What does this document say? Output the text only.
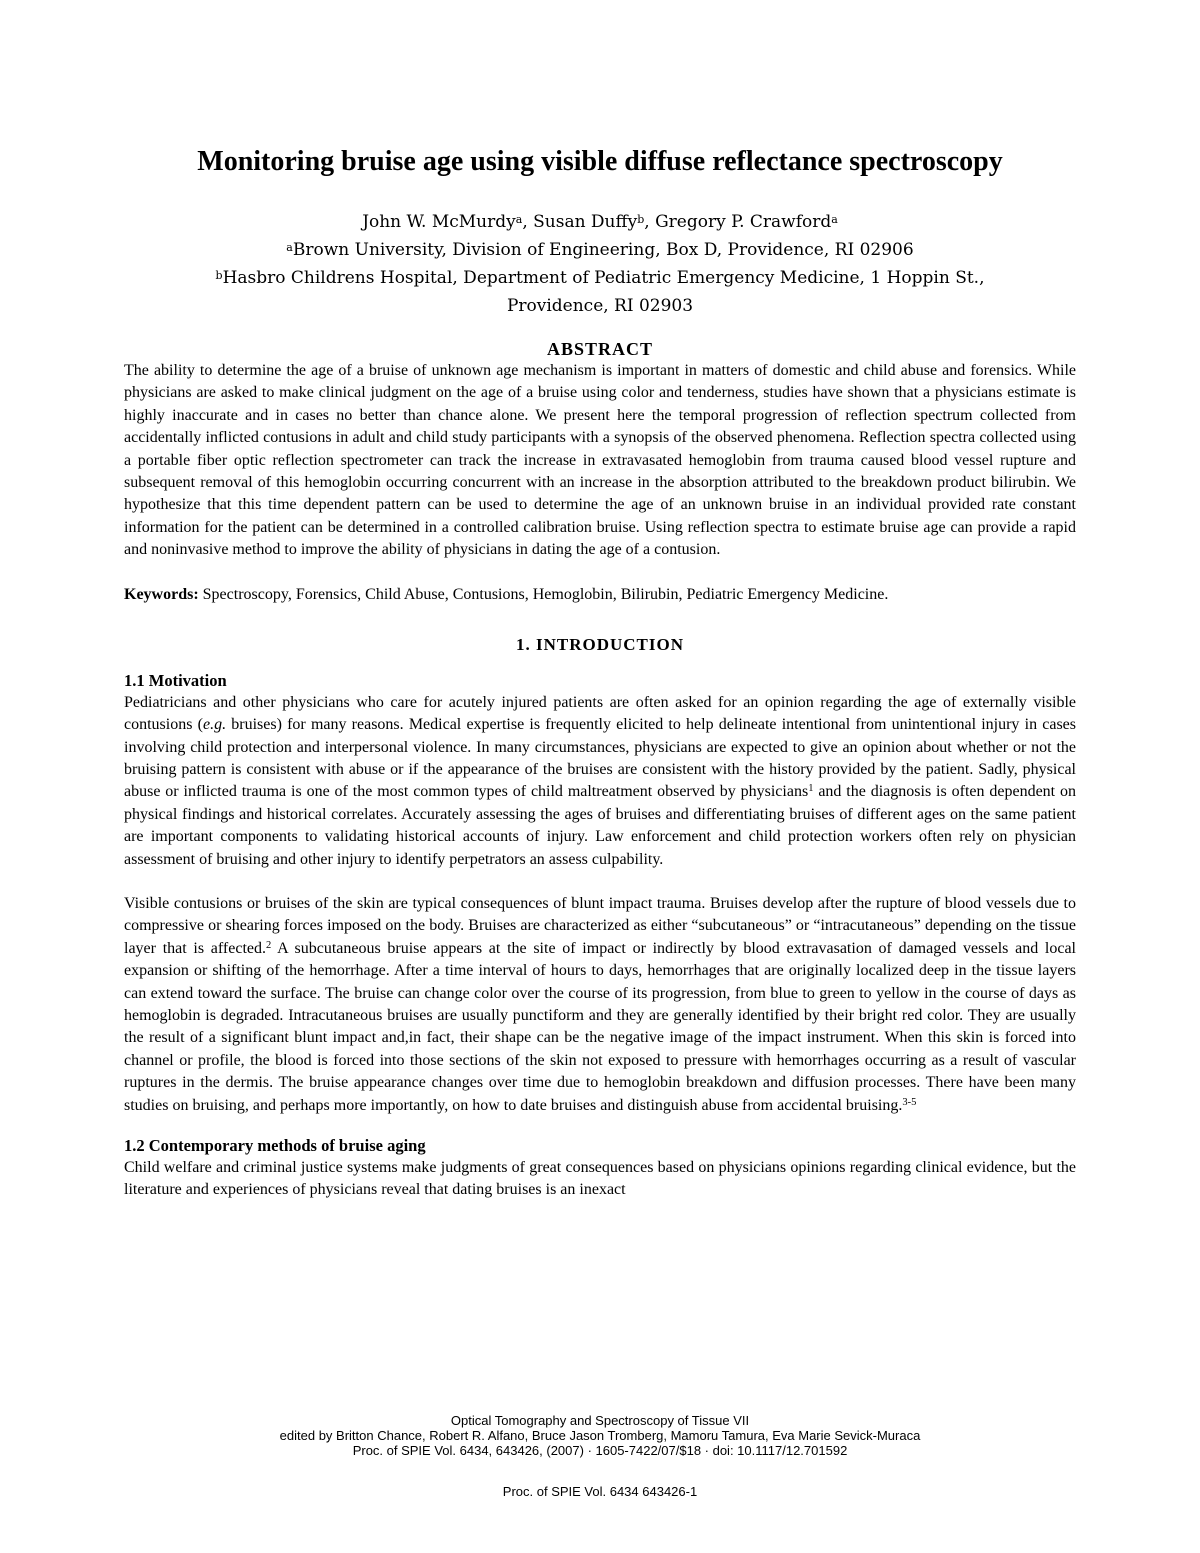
Monitoring bruise age using visible diffuse reflectance spectroscopy
John W. McMurdy$^a$, Susan Duffy$^b$, Gregory P. Crawford$^a$
$^a$Brown University, Division of Engineering, Box D, Providence, RI 02906
$^b$Hasbro Childrens Hospital, Department of Pediatric Emergency Medicine, 1 Hoppin St.,
Providence, RI 02903
ABSTRACT

The ability to determine the age of a bruise of unknown age mechanism is important in matters of domestic and child abuse and forensics. While physicians are asked to make clinical judgment on the age of a bruise using color and tenderness, studies have shown that a physicians estimate is highly inaccurate and in cases no better than chance alone. We present here the temporal progression of reflection spectrum collected from accidentally inflicted contusions in adult and child study participants with a synopsis of the observed phenomena. Reflection spectra collected using a portable fiber optic reflection spectrometer can track the increase in extravasated hemoglobin from trauma caused blood vessel rupture and subsequent removal of this hemoglobin occurring concurrent with an increase in the absorption attributed to the breakdown product bilirubin. We hypothesize that this time dependent pattern can be used to determine the age of an unknown bruise in an individual provided rate constant information for the patient can be determined in a controlled calibration bruise. Using reflection spectra to estimate bruise age can provide a rapid and noninvasive method to improve the ability of physicians in dating the age of a contusion.

Keywords: Spectroscopy, Forensics, Child Abuse, Contusions, Hemoglobin, Bilirubin, Pediatric Emergency Medicine.
1. INTRODUCTION
1.1 Motivation

Pediatricians and other physicians who care for acutely injured patients are often asked for an opinion regarding the age of externally visible contusions (e.g. bruises) for many reasons. Medical expertise is frequently elicited to help delineate intentional from unintentional injury in cases involving child protection and interpersonal violence. In many circumstances, physicians are expected to give an opinion about whether or not the bruising pattern is consistent with abuse or if the appearance of the bruises are consistent with the history provided by the patient. Sadly, physical abuse or inflicted trauma is one of the most common types of child maltreatment observed by physicians$^1$ and the diagnosis is often dependent on physical findings and historical correlates. Accurately assessing the ages of bruises and differentiating bruises of different ages on the same patient are important components to validating historical accounts of injury. Law enforcement and child protection workers often rely on physician assessment of bruising and other injury to identify perpetrators an assess culpability.

Visible contusions or bruises of the skin are typical consequences of blunt impact trauma. Bruises develop after the rupture of blood vessels due to compressive or shearing forces imposed on the body. Bruises are characterized as either “subcutaneous” or “intracutaneous” depending on the tissue layer that is affected.$^2$ A subcutaneous bruise appears at the site of impact or indirectly by blood extravasation of damaged vessels and local expansion or shifting of the hemorrhage. After a time interval of hours to days, hemorrhages that are originally localized deep in the tissue layers can extend toward the surface. The bruise can change color over the course of its progression, from blue to green to yellow in the course of days as hemoglobin is degraded. Intracutaneous bruises are usually punctiform and they are generally identified by their bright red color. They are usually the result of a significant blunt impact and,in fact, their shape can be the negative image of the impact instrument. When this skin is forced into channel or profile, the blood is forced into those sections of the skin not exposed to pressure with hemorrhages occurring as a result of vascular ruptures in the dermis. The bruise appearance changes over time due to hemoglobin breakdown and diffusion processes. There have been many studies on bruising, and perhaps more importantly, on how to date bruises and distinguish abuse from accidental bruising.$^{3-5}$

1.2 Contemporary methods of bruise aging

Child welfare and criminal justice systems make judgments of great consequences based on physicians opinions regarding clinical evidence, but the literature and experiences of physicians reveal that dating bruises is an inexact

Optical Tomography and Spectroscopy of Tissue VII
edited by Britton Chance, Robert R. Alfano, Bruce Jason Tromberg, Mamoru Tamura, Eva Marie Sevick-Muraca
Proc. of SPIE Vol. 6434, 643426, (2007) · 1605-7422/07/$18 · doi: 10.1117/12.701592
Proc. of SPIE Vol. 6434 643426-1
